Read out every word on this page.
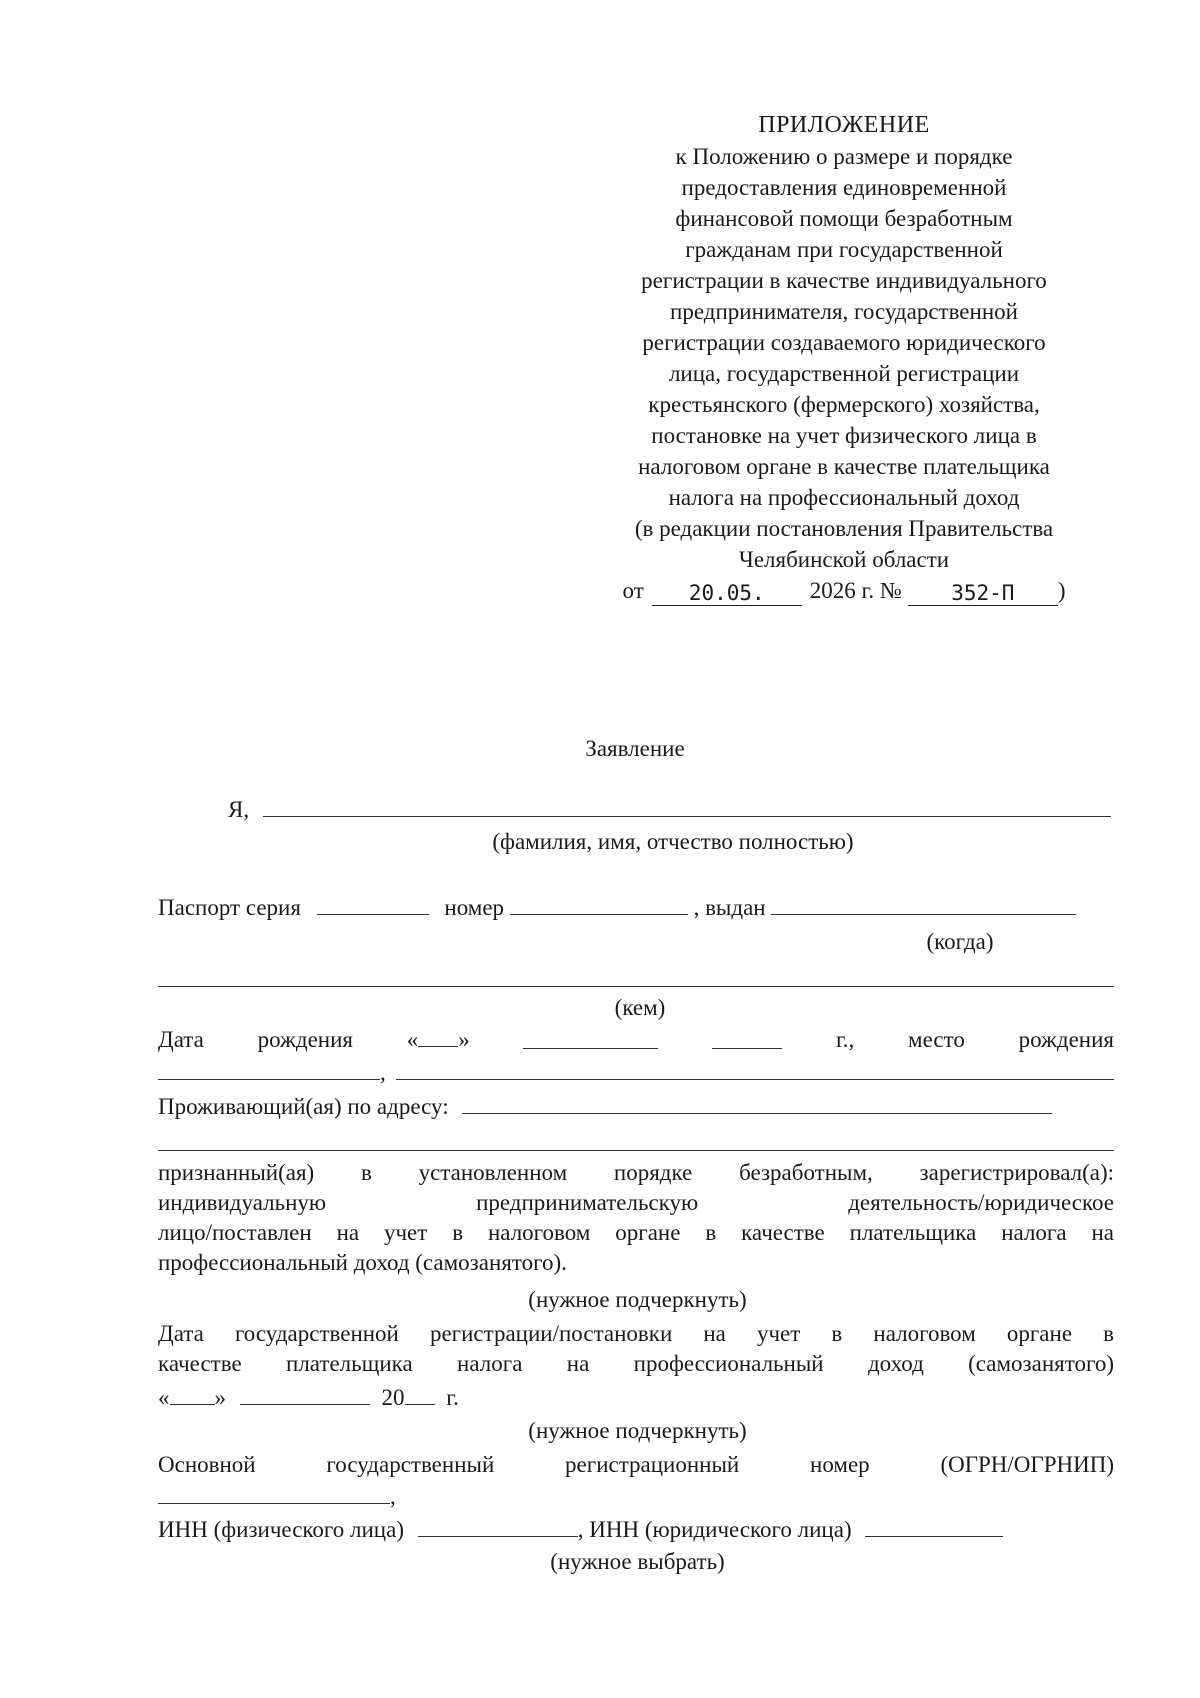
ПРИЛОЖЕНИЕ
к Положению о размере и порядке
предоставления единовременной
финансовой помощи безработным
гражданам при государственной
регистрации в качестве индивидуального
предпринимателя, государственной
регистрации создаваемого юридического
лица, государственной регистрации
крестьянского (фермерского) хозяйства,
постановке на учет физического лица в
налоговом органе в качестве плательщика
налога на профессиональный доход
(в редакции постановления Правительства
Челябинской области
от	20.05.	2026 г. №	352-П	)
Заявление
Я,
(фамилия, имя, отчество полностью)
Паспорт серия	номер	, выдан
(когда)
(кем)
Дата рождения « »	г., место рождения
,
Проживающий(ая) по адресу:
признанный(ая) в установленном порядке безработным, зарегистрировал(а):
индивидуальную предпринимательскую деятельность/юридическое
лицо/поставлен на учет в налоговом органе в качестве плательщика налога на
профессиональный доход (самозанятого).
(нужное подчеркнуть)
Дата государственной регистрации/постановки на учет в налоговом органе в
качестве плательщика налога на профессиональный доход (самозанятого)
« »	20 г.
(нужное подчеркнуть)
Основной	государственный	регистрационный	номер	(ОГРН/ОГРНИП)
,
ИНН (физического лица)	, ИНН (юридического лица)
(нужное выбрать)
